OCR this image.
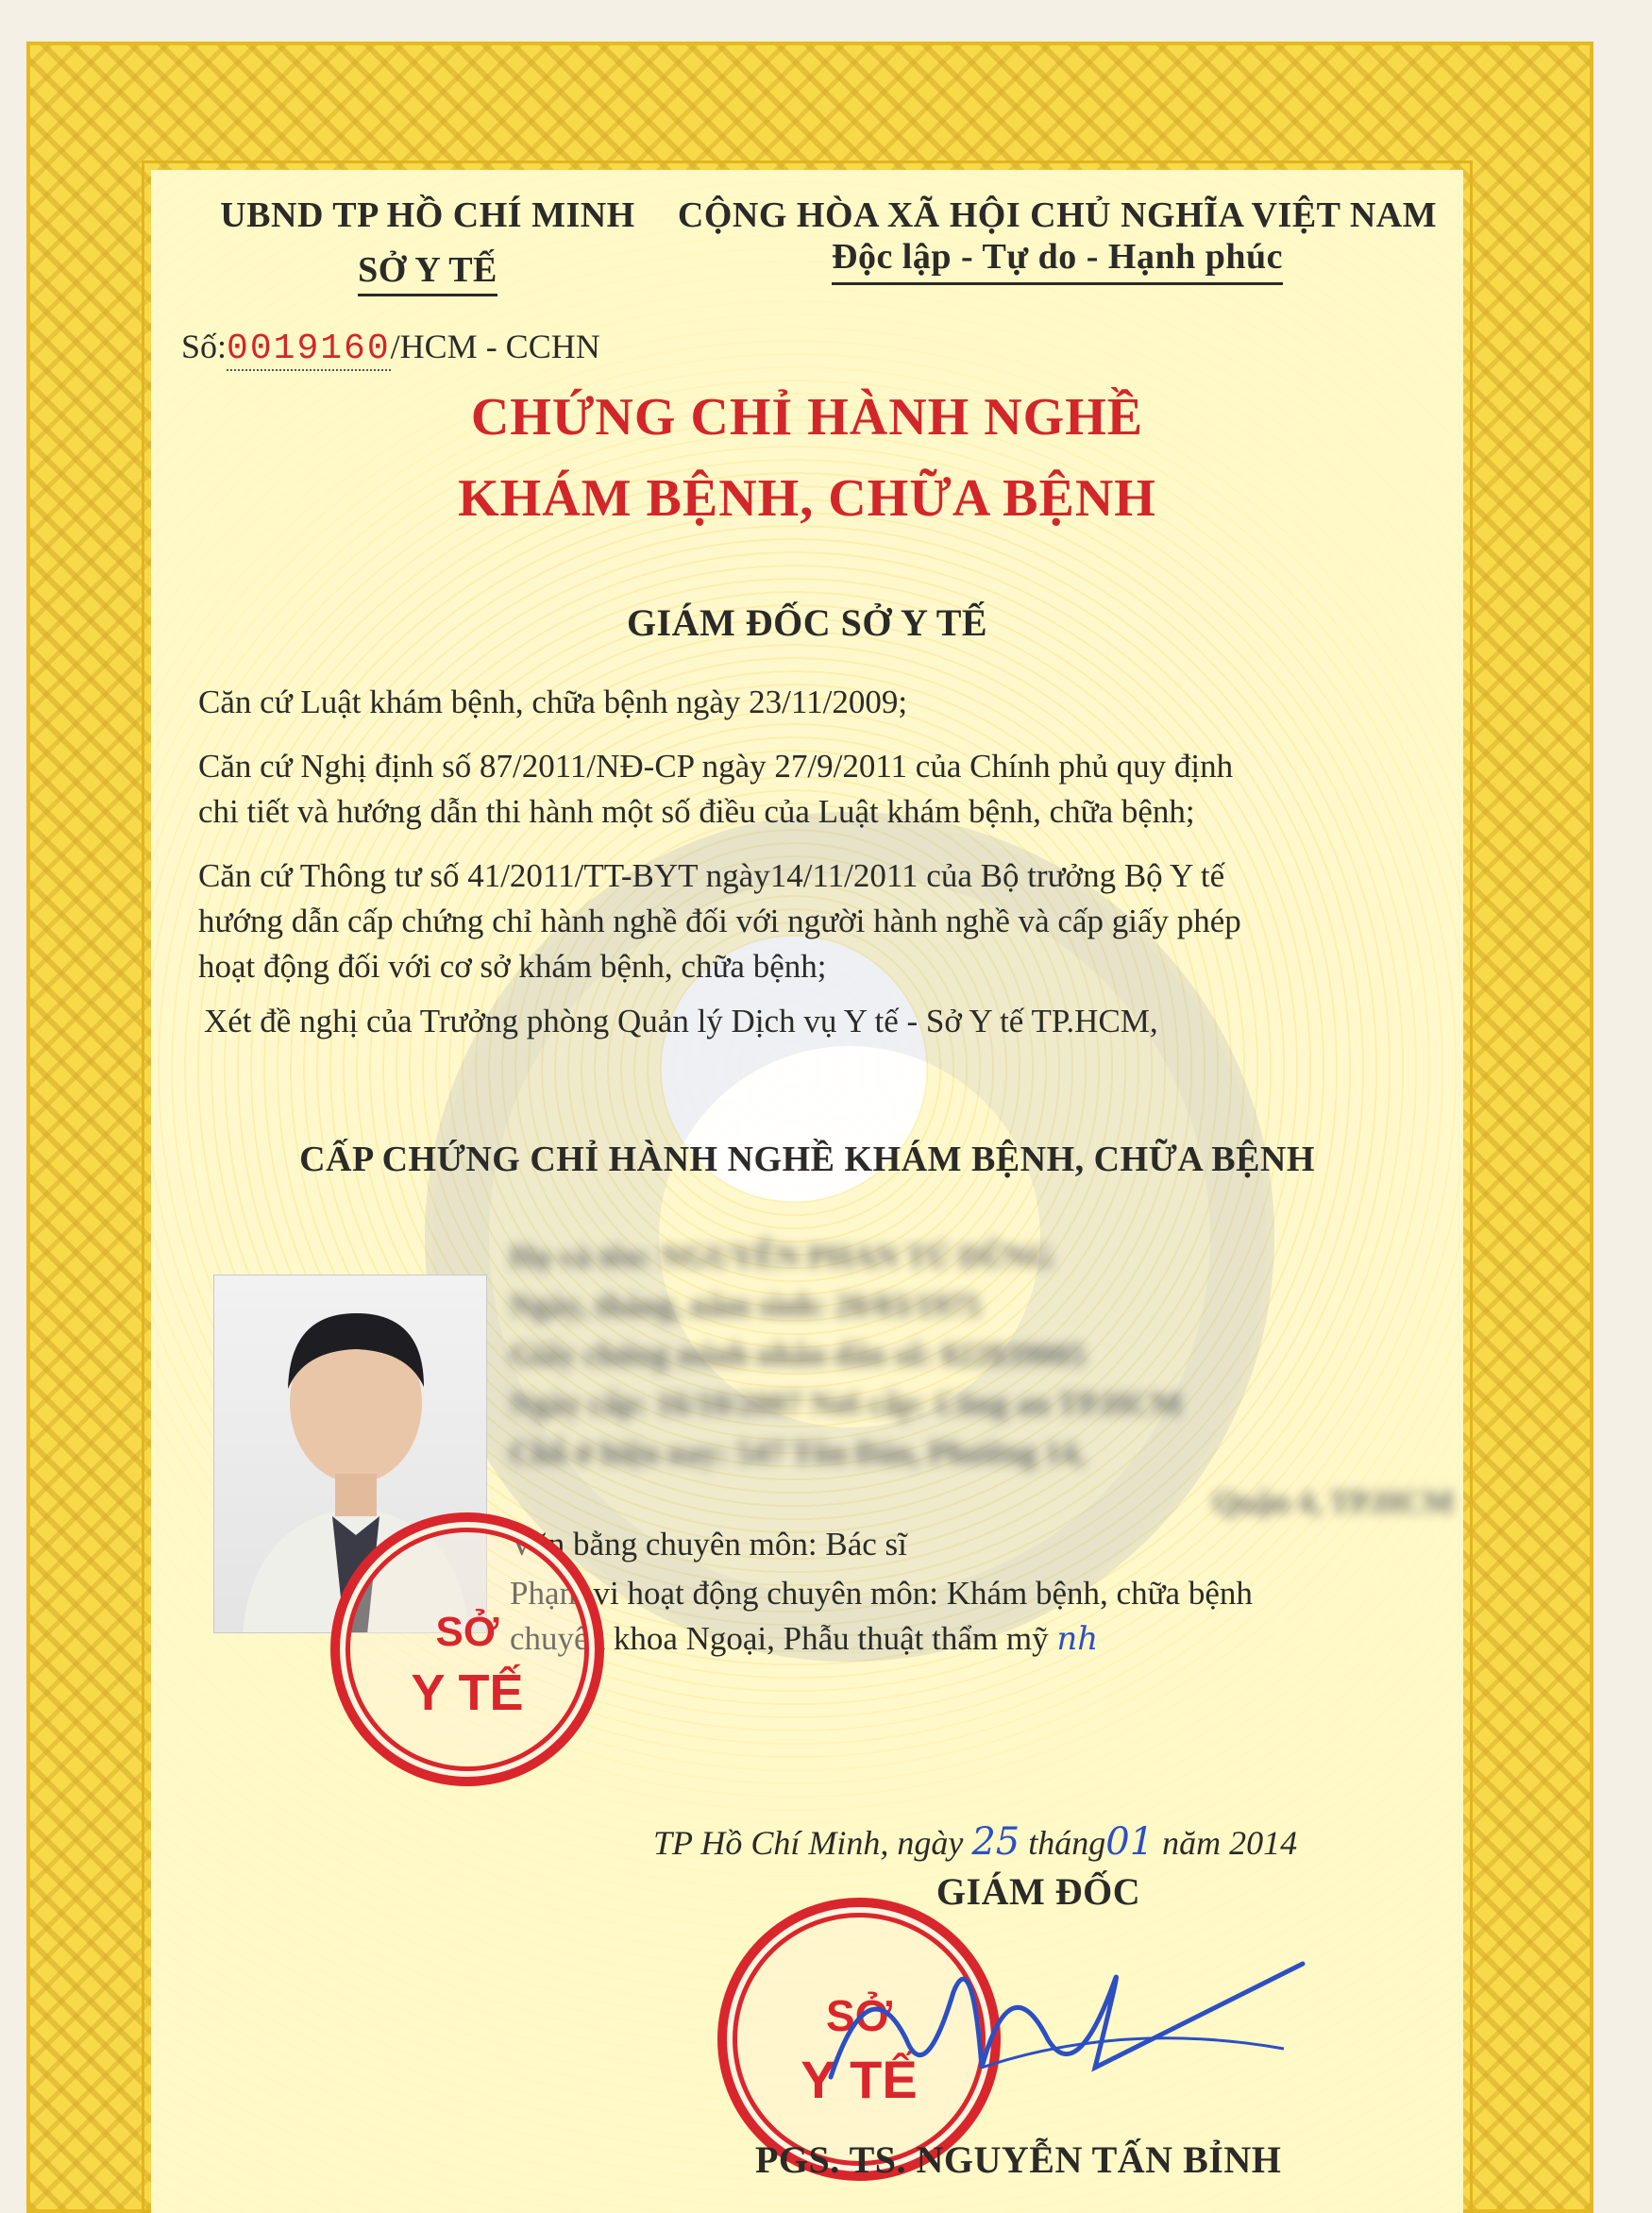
UBND TP HỒ CHÍ MINH
SỞ Y TẾ
CỘNG HÒA XÃ HỘI CHỦ NGHĨA VIỆT NAM
Độc lập - Tự do - Hạnh phúc
Số:0019160/HCM - CCHN
CHỨNG CHỈ HÀNH NGHỀ
KHÁM BỆNH, CHỮA BỆNH
GIÁM ĐỐC SỞ Y TẾ
Căn cứ Luật khám bệnh, chữa bệnh ngày 23/11/2009;
Căn cứ Nghị định số 87/2011/NĐ-CP ngày 27/9/2011 của Chính phủ quy định
chi tiết và hướng dẫn thi hành một số điều của Luật khám bệnh, chữa bệnh;
Căn cứ Thông tư số 41/2011/TT-BYT ngày14/11/2011 của Bộ trưởng Bộ Y tế
hướng dẫn cấp chứng chỉ hành nghề đối với người hành nghề và cấp giấy phép
hoạt động đối với cơ sở khám bệnh, chữa bệnh;
Xét đề nghị của Trưởng phòng Quản lý Dịch vụ Y tế - Sở Y tế TP.HCM,
CẤP CHỨNG CHỈ HÀNH NGHỀ KHÁM BỆNH, CHỮA BỆNH
Họ và tên: NGUYỄN PHAN TÚ DŨNG
Ngày, tháng, năm sinh: 20/03/1975
Giấy chứng minh nhân dân số: 022839005
Ngày cấp: 16/10/2007 Nơi cấp: Công an TP.HCM
Chỗ ở hiện nay: 547 Tôn Đản, Phường 14,
Quận 4, TP.HCM
Văn bằng chuyên môn: Bác sĩ
Phạm vi hoạt động chuyên môn: Khám bệnh, chữa bệnh
chuyên khoa Ngoại, Phẫu thuật thẩm mỹ nh
SỞ
Y TẾ
TP Hồ Chí Minh, ngày 25 tháng01 năm 2014
GIÁM ĐỐC
SỞ
Y TẾ
PGS. TS. NGUYỄN TẤN BỈNH
